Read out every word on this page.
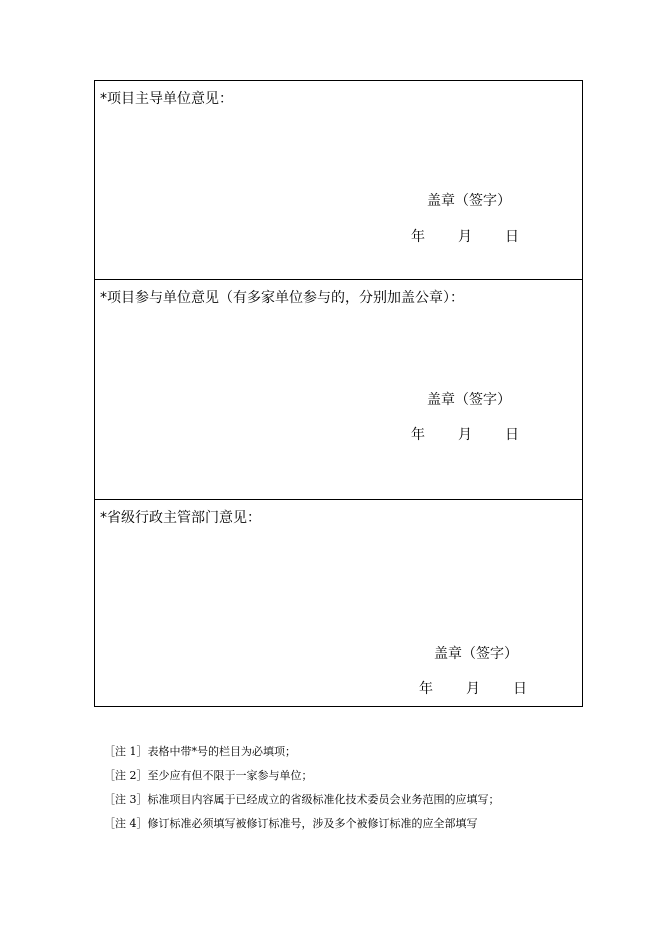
*项目主导单位意见：
盖章（签字）
年 月 日
*项目参与单位意见（有多家单位参与的，分别加盖公章）：
盖章（签字）
年 月 日
*省级行政主管部门意见：
盖章（签字）
年 月 日
［注 1］表格中带*号的栏目为必填项；
［注 2］至少应有但不限于一家参与单位；
［注 3］标准项目内容属于已经成立的省级标准化技术委员会业务范围的应填写；
［注 4］修订标准必须填写被修订标准号，涉及多个被修订标准的应全部填写
